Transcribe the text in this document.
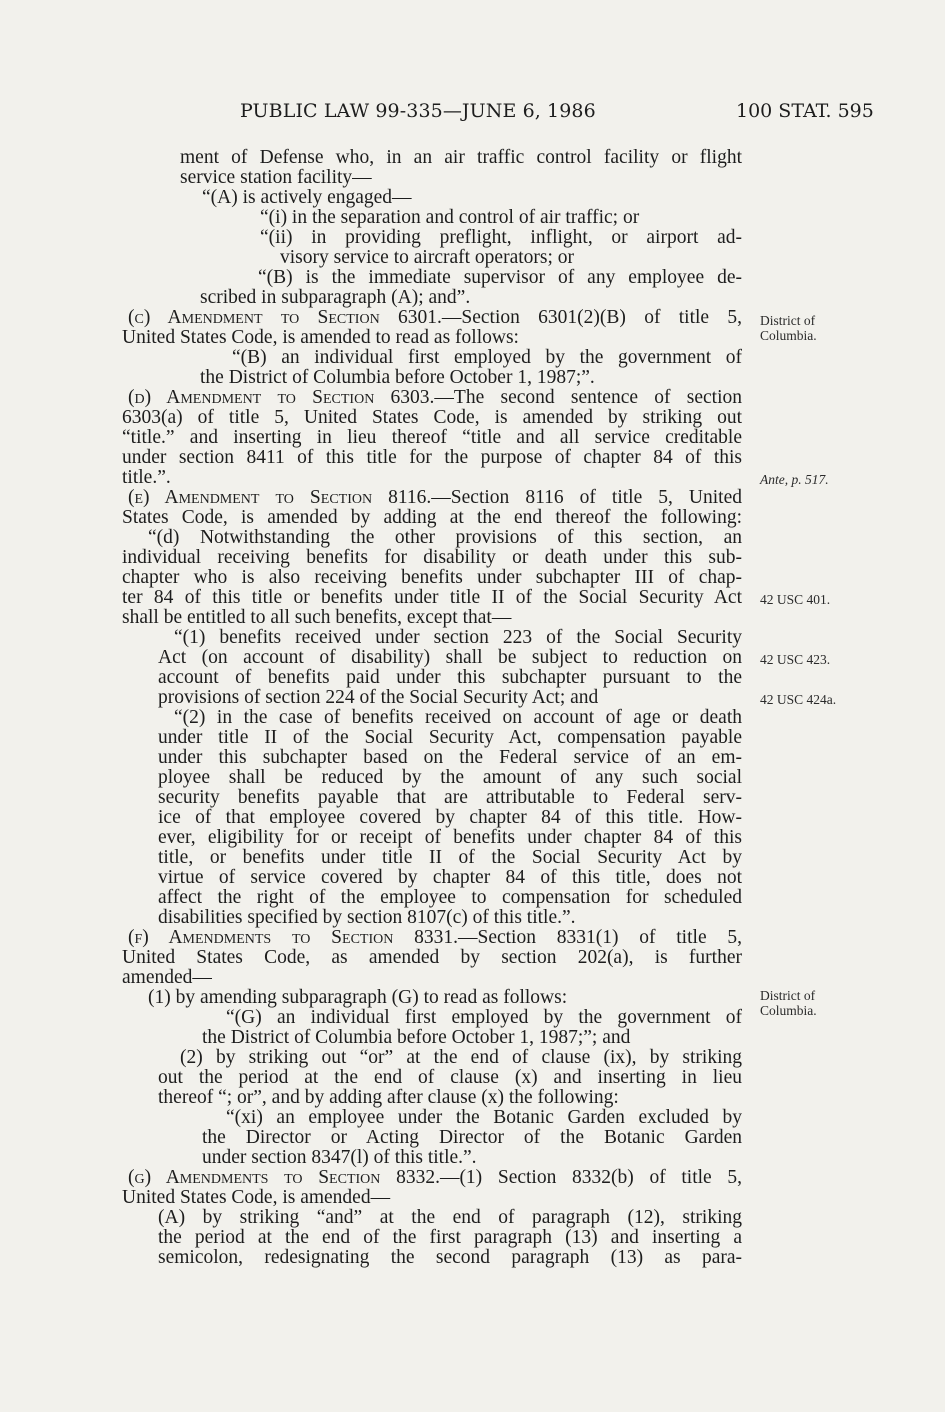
PUBLIC LAW 99-335—JUNE 6, 1986	100 STAT. 595
ment of Defense who, in an air traffic control facility or flight
service station facility—
“(A) is actively engaged—
“(i) in the separation and control of air traffic; or
“(ii) in providing preflight, inflight, or airport ad-
visory service to aircraft operators; or
“(B) is the immediate supervisor of any employee de-
scribed in subparagraph (A); and”.
(c) Amendment to Section 6301.—Section 6301(2)(B) of title 5,
United States Code, is amended to read as follows:
“(B) an individual first employed by the government of
the District of Columbia before October 1, 1987;”.
(d) Amendment to Section 6303.—The second sentence of section
6303(a) of title 5, United States Code, is amended by striking out
“title.” and inserting in lieu thereof “title and all service creditable
under section 8411 of this title for the purpose of chapter 84 of this
title.”.
(e) Amendment to Section 8116.—Section 8116 of title 5, United
States Code, is amended by adding at the end thereof the following:
“(d) Notwithstanding the other provisions of this section, an
individual receiving benefits for disability or death under this sub-
chapter who is also receiving benefits under subchapter III of chap-
ter 84 of this title or benefits under title II of the Social Security Act
shall be entitled to all such benefits, except that—
“(1) benefits received under section 223 of the Social Security
Act (on account of disability) shall be subject to reduction on
account of benefits paid under this subchapter pursuant to the
provisions of section 224 of the Social Security Act; and
“(2) in the case of benefits received on account of age or death
under title II of the Social Security Act, compensation payable
under this subchapter based on the Federal service of an em-
ployee shall be reduced by the amount of any such social
security benefits payable that are attributable to Federal serv-
ice of that employee covered by chapter 84 of this title. How-
ever, eligibility for or receipt of benefits under chapter 84 of this
title, or benefits under title II of the Social Security Act by
virtue of service covered by chapter 84 of this title, does not
affect the right of the employee to compensation for scheduled
disabilities specified by section 8107(c) of this title.”.
(f) Amendments to Section 8331.—Section 8331(1) of title 5,
United States Code, as amended by section 202(a), is further
amended—
(1) by amending subparagraph (G) to read as follows:
“(G) an individual first employed by the government of
the District of Columbia before October 1, 1987;”; and
(2) by striking out “or” at the end of clause (ix), by striking
out the period at the end of clause (x) and inserting in lieu
thereof “; or”, and by adding after clause (x) the following:
“(xi) an employee under the Botanic Garden excluded by
the Director or Acting Director of the Botanic Garden
under section 8347(l) of this title.”.
(g) Amendments to Section 8332.—(1) Section 8332(b) of title 5,
United States Code, is amended—
(A) by striking “and” at the end of paragraph (12), striking
the period at the end of the first paragraph (13) and inserting a
semicolon, redesignating the second paragraph (13) as para-
District of Columbia.
Ante, p. 517.
42 USC 401.
42 USC 423.
42 USC 424a.
District of Columbia.
